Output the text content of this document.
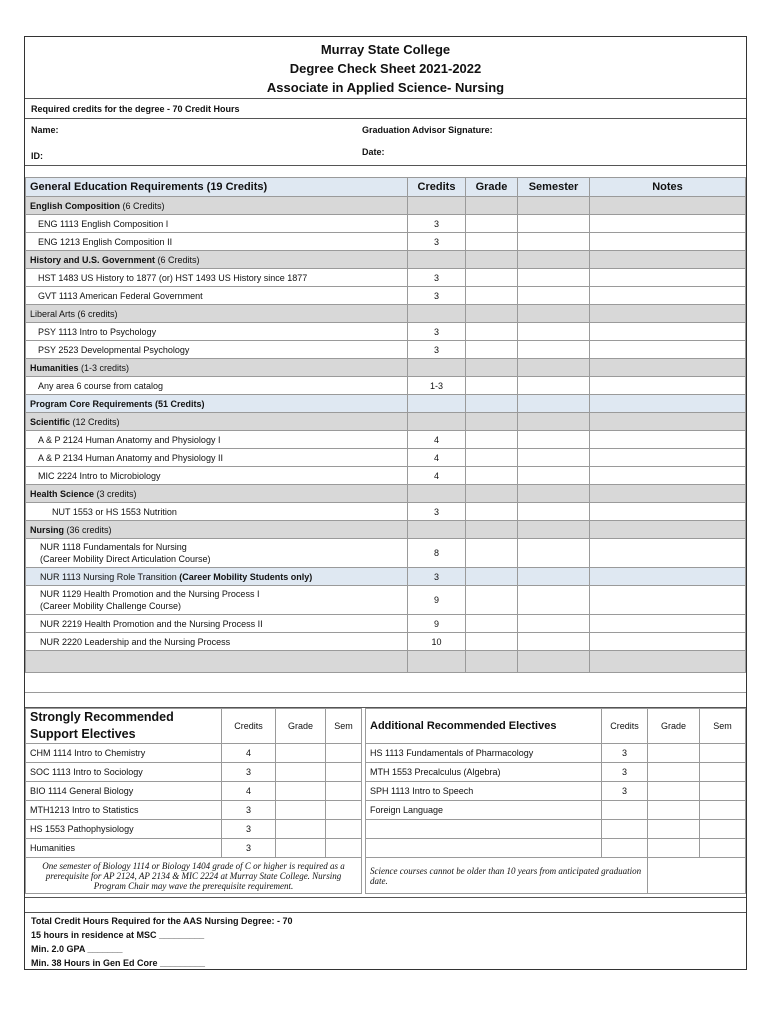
Murray State College
Degree Check Sheet 2021-2022
Associate in Applied Science- Nursing
Required credits for the degree - 70 Credit Hours
Name:
ID:
Graduation Advisor Signature:
Date:
General Education Requirements (19 Credits)	Credits	Grade	Semester	Notes
English Composition (6 Credits)				

ENG 1113 English Composition I	3			

ENG 1213 English Composition II	3			
History and U.S. Government (6 Credits)				

HST 1483 US History to 1877 (or) HST 1493 US History since 1877	3			

GVT 1113 American Federal Government	3			
Liberal Arts (6 credits)				

PSY 1113 Intro to Psychology	3			

PSY 2523 Developmental Psychology	3			
Humanities (1-3 credits)				

Any area 6 course from catalog	1-3			
Program Core Requirements (51 Credits)				
Scientific (12 Credits)				

A & P 2124 Human Anatomy and Physiology I	4			

A & P 2134 Human Anatomy and Physiology II	4			

MIC 2224 Intro to Microbiology	4			
Health Science (3 credits)				

NUT 1553 or HS 1553 Nutrition	3			
Nursing (36 credits)				

NUR 1118 Fundamentals for Nursing
(Career Mobility Direct Articulation Course)	8			
NUR 1113 Nursing Role Transition (Career Mobility Students only)	3			

NUR 1129 Health Promotion and the Nursing Process I
(Career Mobility Challenge Course)	9			

NUR 2219 Health Promotion and the Nursing Process II	9			

NUR 2220 Leadership and the Nursing Process	10			

Strongly Recommended
Support Electives	Credits	Grade	Sem
CHM 1114 Intro to Chemistry	4		
SOC 1113 Intro to Sociology	3		
BIO 1114 General Biology	4		
MTH1213 Intro to Statistics	3		
HS 1553 Pathophysiology	3		
Humanities	3		
One semester of Biology 1114 or Biology 1404 grade of C or higher is required as a prerequisite for AP 2124, AP 2134 & MIC 2224 at Murray State College. Nursing Program Chair may wave the prerequisite requirement.			
Additional Recommended Electives	Credits	Grade	Sem
HS 1113 Fundamentals of Pharmacology	3		
MTH 1553 Precalculus (Algebra)	3		
SPH 1113 Intro to Speech	3		
Foreign Language			

Science courses cannot be older than 10 years from anticipated graduation date.			
Total Credit Hours Required for the AAS Nursing Degree: - 70
15 hours in residence at MSC _________
Min. 2.0 GPA _______
Min. 38 Hours in Gen Ed Core _________
